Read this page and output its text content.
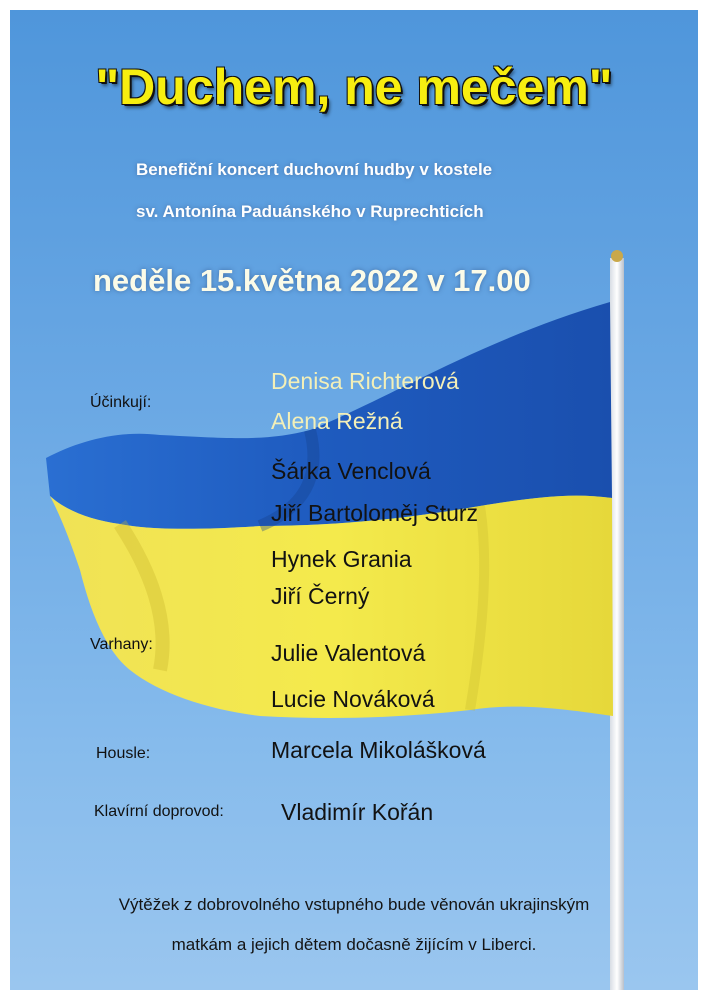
"Duchem, ne mečem"
Benefiční koncert duchovní hudby v kostele
sv. Antonína Paduánského v Ruprechticích
neděle 15.května 2022 v 17.00
Účinkují:
Denisa Richterová
Alena Režná
Šárka Venclová
Jiří Bartoloměj Sturz
Hynek Grania
Jiří Černý
Varhany:	Julie Valentová
Lucie Nováková
Housle:	Marcela Mikolášková
Klavírní doprovod: Vladimír Kořán
Výtěžek z dobrovolného vstupného bude věnován ukrajinským
matkám a jejich dětem dočasně žijícím v Liberci.
